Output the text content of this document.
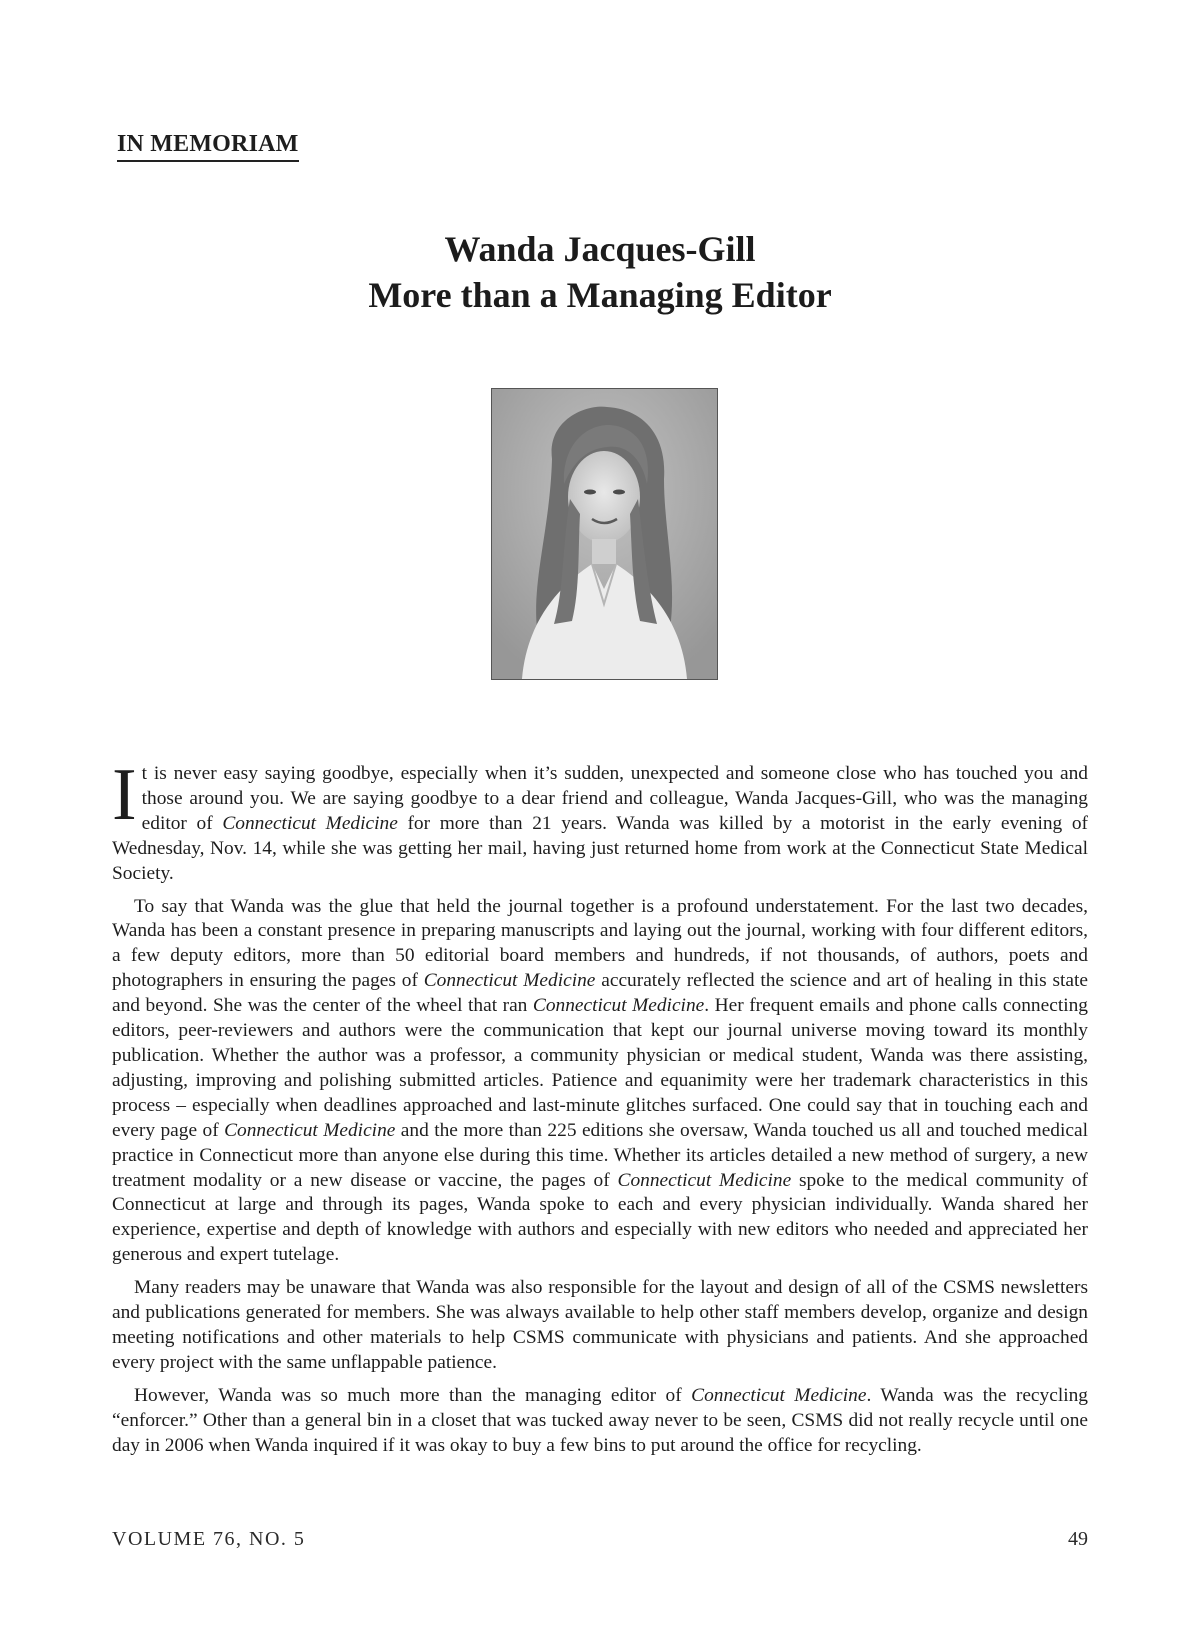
IN MEMORIAM
Wanda Jacques-Gill
More than a Managing Editor

It is never easy saying goodbye, especially when it’s sudden, unexpected and someone close who has touched you and those around you. We are saying goodbye to a dear friend and colleague, Wanda Jacques-Gill, who was the managing editor of Connecticut Medicine for more than 21 years. Wanda was killed by a motorist in the early evening of Wednesday, Nov. 14, while she was getting her mail, having just returned home from work at the Connecticut State Medical Society.

To say that Wanda was the glue that held the journal together is a profound understatement. For the last two decades, Wanda has been a constant presence in preparing manuscripts and laying out the journal, working with four different editors, a few deputy editors, more than 50 editorial board members and hundreds, if not thousands, of authors, poets and photographers in ensuring the pages of Connecticut Medicine accurately reflected the science and art of healing in this state and beyond. She was the center of the wheel that ran Connecticut Medicine. Her frequent emails and phone calls connecting editors, peer-reviewers and authors were the communication that kept our journal universe moving toward its monthly publication. Whether the author was a professor, a community physician or medical student, Wanda was there assisting, adjusting, improving and polishing submitted articles. Patience and equanimity were her trademark characteristics in this process – especially when deadlines approached and last-minute glitches surfaced. One could say that in touching each and every page of Connecticut Medicine and the more than 225 editions she oversaw, Wanda touched us all and touched medical practice in Connecticut more than anyone else during this time. Whether its articles detailed a new method of surgery, a new treatment modality or a new disease or vaccine, the pages of Connecticut Medicine spoke to the medical community of Connecticut at large and through its pages, Wanda spoke to each and every physician individually. Wanda shared her experience, expertise and depth of knowledge with authors and especially with new editors who needed and appreciated her generous and expert tutelage.

Many readers may be unaware that Wanda was also responsible for the layout and design of all of the CSMS newsletters and publications generated for members. She was always available to help other staff members develop, organize and design meeting notifications and other materials to help CSMS communicate with physicians and patients. And she approached every project with the same unflappable patience.

However, Wanda was so much more than the managing editor of Connecticut Medicine. Wanda was the recycling “enforcer.” Other than a general bin in a closet that was tucked away never to be seen, CSMS did not really recycle until one day in 2006 when Wanda inquired if it was okay to buy a few bins to put around the office for recycling.

VOLUME 76, NO. 5	49
